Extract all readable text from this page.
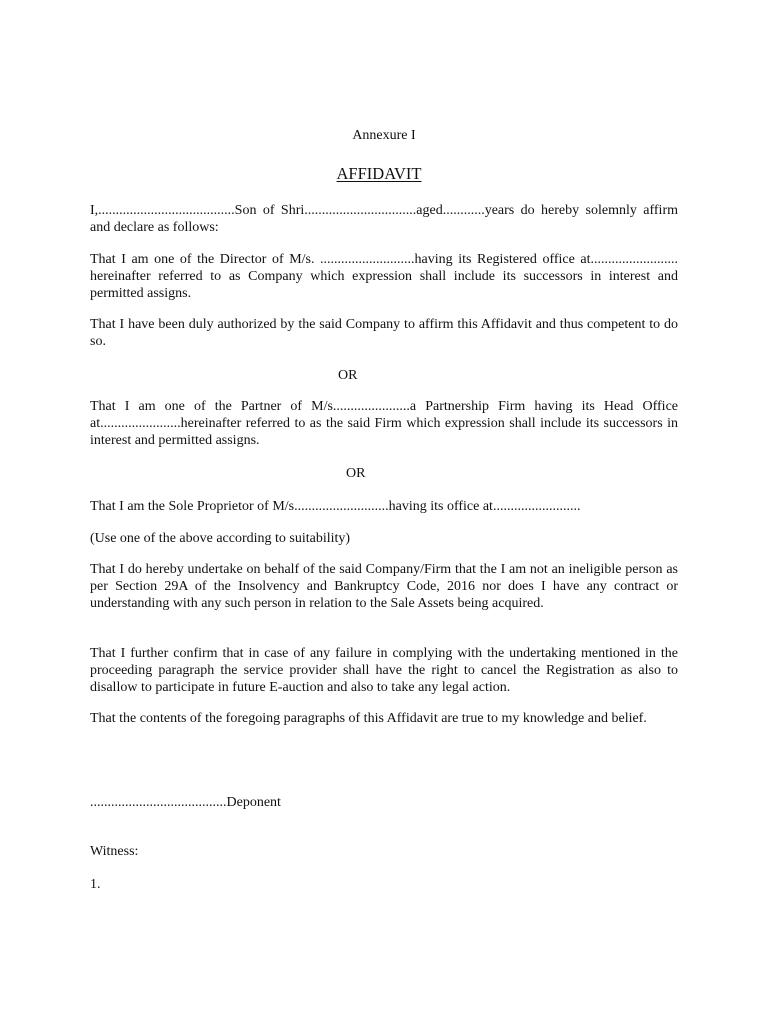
Annexure I
AFFIDAVIT

I,.......................................Son of Shri................................aged............years do hereby solemnly affirm and declare as follows:

That I am one of the Director of M/s. ...........................having its Registered office at......................... hereinafter referred to as Company which expression shall include its successors in interest and permitted assigns.

That I have been duly authorized by the said Company to affirm this Affidavit and thus competent to do so.

OR

That I am one of the Partner of M/s......................a Partnership Firm having its Head Office at.......................hereinafter referred to as the said Firm which expression shall include its successors in interest and permitted assigns.

OR
That I am the Sole Proprietor of M/s...........................having its office at.........................
(Use one of the above according to suitability)

That I do hereby undertake on behalf of the said Company/Firm that the I am not an ineligible person as per Section 29A of the Insolvency and Bankruptcy Code, 2016 nor does I have any contract or understanding with any such person in relation to the Sale Assets being acquired.

That I further confirm that in case of any failure in complying with the undertaking mentioned in the proceeding paragraph the service provider shall have the right to cancel the Registration as also to disallow to participate in future E-auction and also to take any legal action.

That the contents of the foregoing paragraphs of this Affidavit are true to my knowledge and belief.

.......................................Deponent
Witness:
1.
